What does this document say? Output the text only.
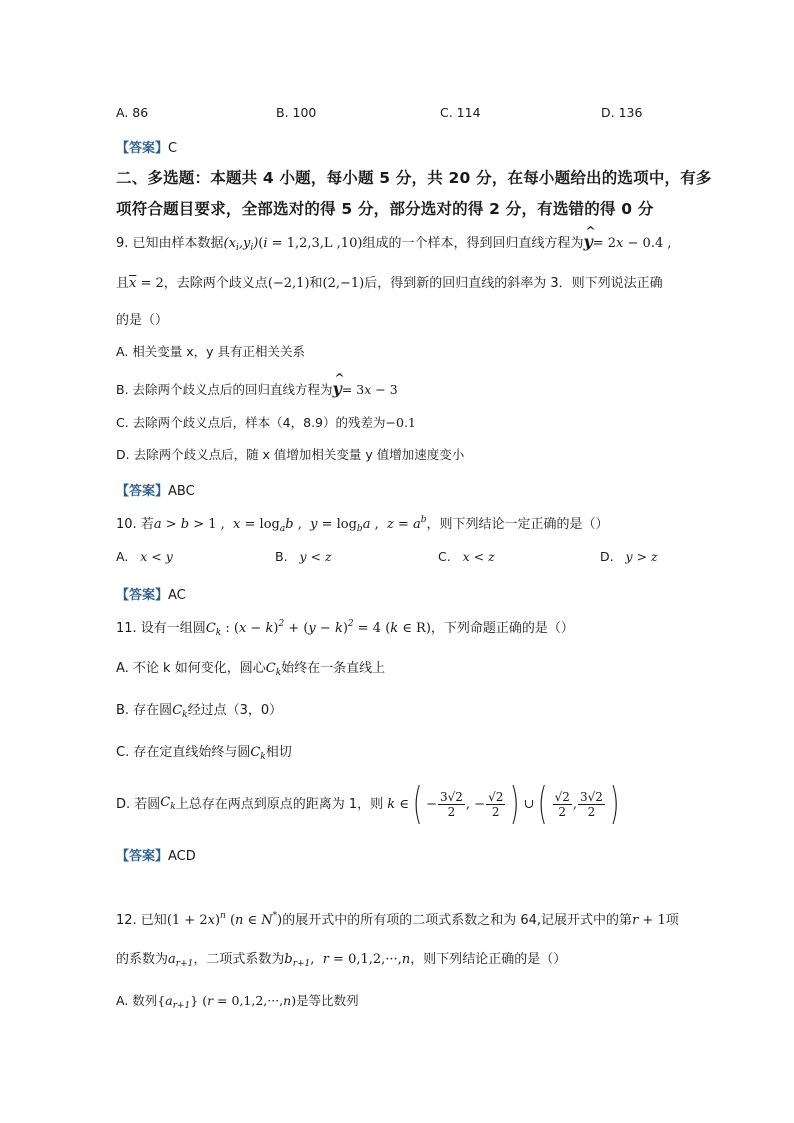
A. 86	B. 100	C. 114	D. 136
【答案】C
二、多选题：本题共 4 小题，每小题 5 分，共 20 分，在每小题给出的选项中，有多
项符合题目要求，全部选对的得 5 分，部分选对的得 2 分，有选错的得 0 分
9. 已知由样本数据$(x_i,y_i)(i = 1,2,3,L$ ,10)组成的一个样本，得到回归直线方程为^ y= 2x − 0.4 ,
且$\overline{x} = 2$，去除两个歧义点(−2,1)和(2,−1)后，得到新的回归直线的斜率为 3．则下列说法正确
的是（）
A. 相关变量 x，y 具有正相关关系
B. 去除两个歧义点后的回归直线方程为^ y= 3x − 3
C. 去除两个歧义点后，样本（4，8.9）的残差为−0.1
D. 去除两个歧义点后，随 x 值增加相关变量 y 值增加速度变小
【答案】ABC
10. 若a > b > 1 ,  $x = \log_ab$ ,  $y = \log_ba$ ,  $z = a^b$，则下列结论一定正确的是（）
A.   x < y	B.   y < z	C.   x < z	D.   y > z
【答案】AC
11. 设有一组圆$C_k$ : $(x - k)^2 + (y - k)^2 = 4$ (k ∈ R)，下列命题正确的是（）
A. 不论 k 如何变化，圆心$C_k$始终在一条直线上
B. 存在圆$C_k$经过点（3，0）
C. 存在定直线始终与圆$C_k$相切
D. 若圆 $C_k$ 上总存在两点到原点的距离为 1，则 k ∈ ( − $\frac{3√2}{2}$ , − $\frac{√2}{2}$ ) ∪ ( $\frac{√2}{2}$ , $\frac{3√2}{2}$ )
【答案】ACD
12. 已知$(1 + 2x)^n$ (n ∈ N*)的展开式中的所有项的二项式系数之和为 64,记展开式中的第r + 1项
的系数为$a_{r+1}$，二项式系数为$b_{r+1}$,  r = 0,1,2,···,n，则下列结论正确的是（）
A. 数列$\{a_{r+1}\} (r = 0,1,2,\cdot\cdot\cdot,n)$是等比数列
